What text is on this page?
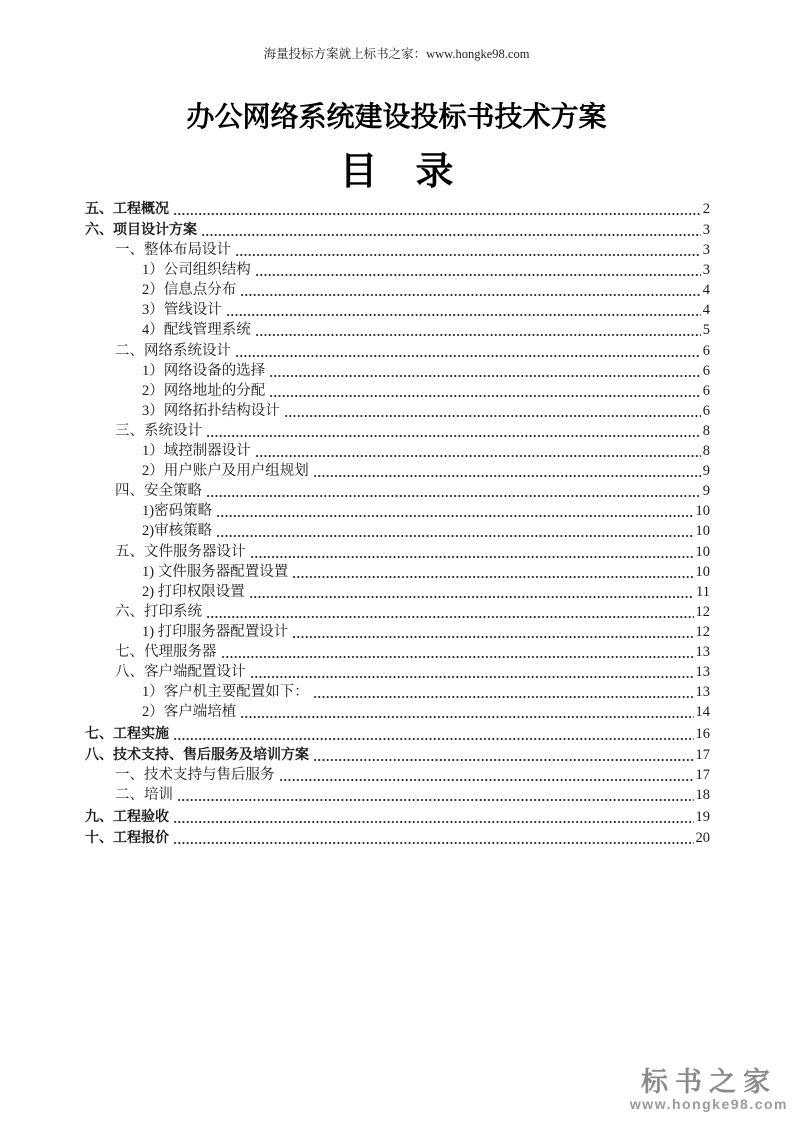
海量投标方案就上标书之家：www.hongke98.com
办公网络系统建设投标书技术方案
目　录
五、工程概况	2
六、项目设计方案	3
一、整体布局设计	3
1）公司组织结构	3
2）信息点分布	4
3）管线设计	4
4）配线管理系统	5
二、网络系统设计	6
1）网络设备的选择	6
2）网络地址的分配	6
3）网络拓扑结构设计	6
三、系统设计	8
1）域控制器设计	8
2）用户账户及用户组规划	9
四、安全策略	9
1)密码策略	10
2)审核策略	10
五、文件服务器设计	10
1) 文件服务器配置设置	10
2) 打印权限设置	11
六、打印系统	12
1) 打印服务器配置设计	12
七、代理服务器	13
八、客户端配置设计	13
1）客户机主要配置如下：	13
2）客户端培植	14
七、工程实施	16
八、技术支持、售后服务及培训方案	17
一、技术支持与售后服务	17
二、培训	18
九、工程验收	19
十、工程报价	20
标书之家
www.hongke98.com
